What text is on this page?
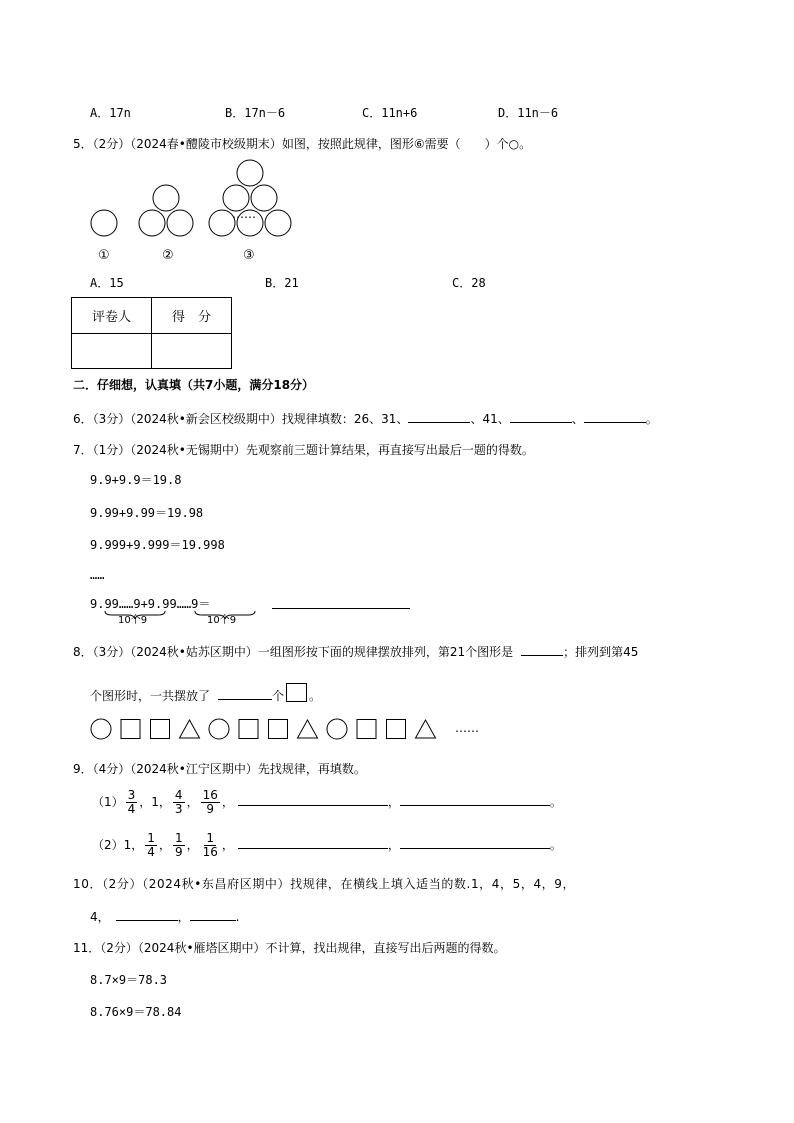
A．17n	B．17n－6	C．11n+6	D．11n－6
5．（2分）（2024春•醴陵市校级期末）如图，按照此规律，图形⑥需要（　　）个○。
……
①	②	③
A．15	B．21	C．28
评卷人	得　分

二．仔细想，认真填（共7小题，满分18分）
6．（3分）（2024秋•新会区校级期中）找规律填数：26、31、	、41、	、	。
7．（1分）（2024秋•无锡期中）先观察前三题计算结果，再直接写出最后一题的得数。
9.9+9.9＝19.8
9.99+9.99＝19.98
9.999+9.999＝19.998
……
9.99……9+9.99……9＝
10个9	10个9
8．（3分）（2024秋•姑苏区期中）一组图形按下面的规律摆放排列，第21个图形是	；排列到第45
个图形时，一共摆放了	个 。
……
9．（4分）（2024秋•江宁区期中）先找规律，再填数。
$(1) \frac{3}{4}$ ，1， $\frac{4}{3}$ ， $\frac{16}{9}$ ，	，	。
（2）1， $\frac{1}{4}$ ， $\frac{1}{9}$ ， $\frac{1}{16}$ ，	，	。
10．（2分）（2024秋•东昌府区期中）找规律，在横线上填入适当的数.1，4，5，4，9，
4，	，	.
11．（2分）（2024秋•雁塔区期中）不计算，找出规律，直接写出后两题的得数。
8.7×9＝78.3
8.76×9＝78.84
